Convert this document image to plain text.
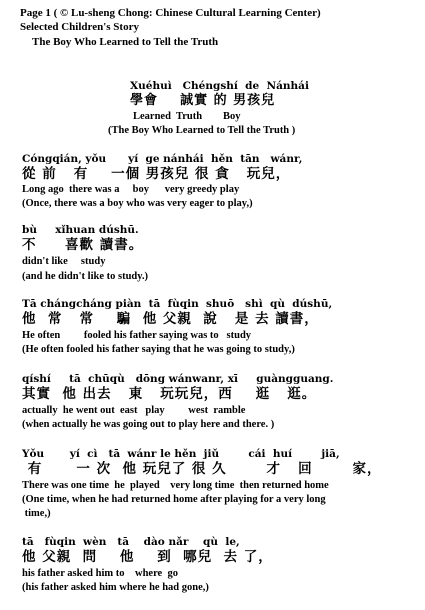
Page 1 ( © Lu-sheng Chong: Chinese Cultural Learning Center)
Selected Children's Story
The Boy Who Learned to Tell the Truth
Xuéhuì   Chéngshí  de  Nánhái
學會    誠實 的 男孩兒
Learned  Truth        Boy
(The Boy Who Learned to Tell the Truth )
Cóngqián, yǒu      yí  ge nánhái  hěn  tān   wánr,
從 前   有    一個 男孩兒 很 貪   玩兒，
Long ago  there was a     boy      very greedy play
(Once, there was a boy who was very eager to play,)
bù     xǐhuan dúshū.
不     喜歡 讀書。
didn't like     study
(and he didn't like to study.)
Tā chángcháng piàn  tā  fùqin  shuō   shì  qù  dúshū,
他  常   常    騙  他 父親  說   是 去 讀書，
He often         fooled his father saying was to   study
(He often fooled his father saying that he was going to study,)
qíshí     tā  chūqù   dōng wánwanr, xī     guàngguang.
其實  他 出去   東   玩玩兒，西    逛   逛。
actually  he went out  east   play         west  ramble
(when actually he was going out to play here and there. )
Yǒu       yí  cì   tā  wánr le hěn  jiǔ        cái  huí        jiā,
有      一 次  他 玩兒了 很 久       才   回       家，
There was one time  he  played    very long time  then returned home
(One time, when he had returned home after playing for a very long
time,)
tā   fùqin  wèn   tā    dào nǎr    qù  le,
他 父親  問    他    到  哪兒  去 了，
his father asked him to    where  go
(his father asked him where he had gone,)
